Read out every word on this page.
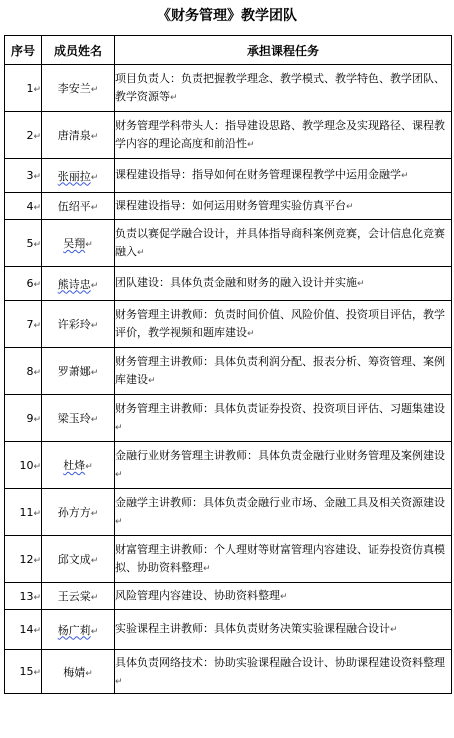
《财务管理》教学团队
序号	成员姓名	承担课程任务
1↵	李安兰↵	项目负责人：负责把握教学理念、教学模式、教学特色、教学团队、教学资源等↵

2↵	唐清泉↵	财务管理学科带头人：指导建设思路、教学理念及实现路径、课程教学内容的理论高度和前沿性↵

3↵	张丽拉↵	课程建设指导：指导如何在财务管理课程教学中运用金融学↵

4↵	伍绍平↵	课程建设指导：如何运用财务管理实验仿真平台↵

5↵	吴翔↵	负责以赛促学融合设计，并具体指导商科案例竞赛，会计信息化竞赛融入↵

6↵	熊诗忠↵	团队建设：具体负责金融和财务的融入设计并实施↵

7↵	许彩玲↵	财务管理主讲教师：负责时间价值、风险价值、投资项目评估，教学评价，教学视频和题库建设↵

8↵	罗萧娜↵	财务管理主讲教师：具体负责利润分配、报表分析、筹资管理、案例库建设↵

9↵	梁玉玲↵	财务管理主讲教师：具体负责证券投资、投资项目评估、习题集建设↵

10↵	杜烽↵	金融行业财务管理主讲教师：具体负责金融行业财务管理及案例建设↵

11↵	孙方方↵	金融学主讲教师：具体负责金融行业市场、金融工具及相关资源建设↵

12↵	邱文成↵	财富管理主讲教师：个人理财等财富管理内容建设、证券投资仿真模拟、协助资料整理↵

13↵	王云棠↵	风险管理内容建设、协助资料整理↵

14↵	杨广莉↵	实验课程主讲教师：具体负责财务决策实验课程融合设计↵

15↵	梅婧↵	具体负责网络技术：协助实验课程融合设计、协助课程建设资料整理↵
